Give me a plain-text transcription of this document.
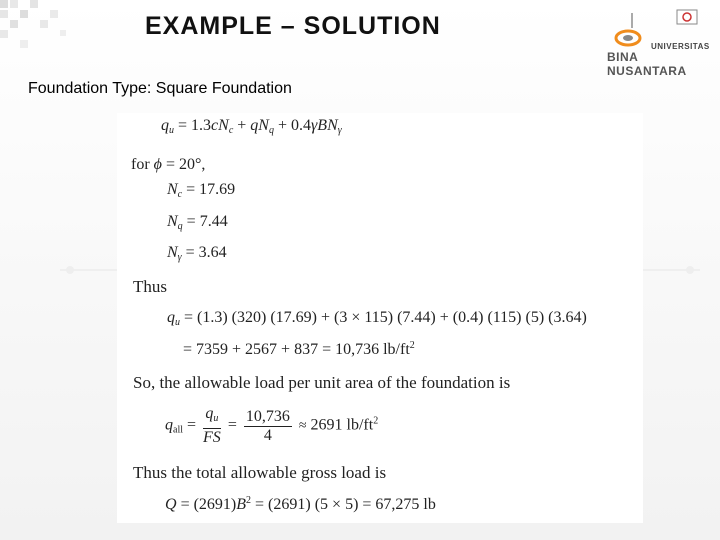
EXAMPLE – SOLUTION
Foundation Type: Square Foundation
UNIVERSITAS
BINA NUSANTARA
$q_u = 1.3cN_c + qN_q + 0.4\gamma BN_\gamma$
for ϕ = 20°,
$N_c = 17.69$
$N_q = 7.44$
$N_\gamma = 3.64$
Thus
$q_u = (1.3)$ (320) (17.69) + (3 × 115) (7.44) + (0.4) (115) (5) (3.64)
= 7359 + 2567 + 837 = 10,736 $lb/ft^2$
So, the allowable load per unit area of the foundation is
$q_{all} = \frac{q_u}{FS} = \frac{10,736}{4} \approx 2691$ $lb/ft^2$
Thus the total allowable gross load is
$Q = (2691)B^2 = (2691) (5 \times 5) = 67,275$ lb
